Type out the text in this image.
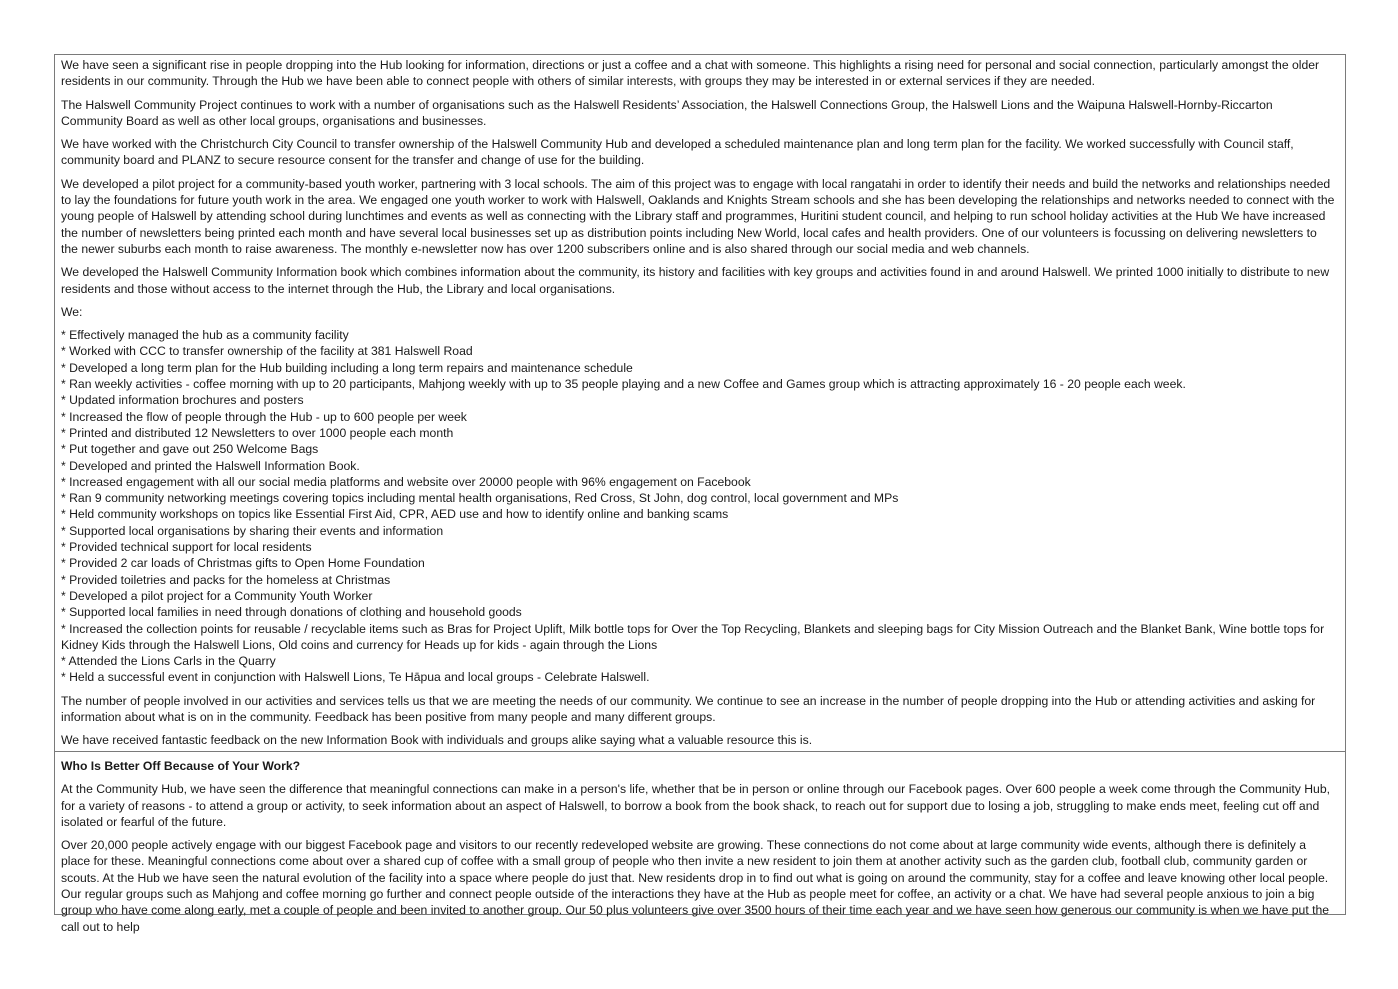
We have seen a significant rise in people dropping into the Hub looking for information, directions or just a coffee and a chat with someone. This highlights a rising need for personal and social connection, particularly amongst the older residents in our community. Through the Hub we have been able to connect people with others of similar interests, with groups they may be interested in or external services if they are needed.

The Halswell Community Project continues to work with a number of organisations such as the Halswell Residents’ Association, the Halswell Connections Group, the Halswell Lions and the Waipuna Halswell-Hornby-Riccarton Community Board as well as other local groups, organisations and businesses.

We have worked with the Christchurch City Council to transfer ownership of the Halswell Community Hub and developed a scheduled maintenance plan and long term plan for the facility. We worked successfully with Council staff, community board and PLANZ to secure resource consent for the transfer and change of use for the building.

We developed a pilot project for a community-based youth worker, partnering with 3 local schools. The aim of this project was to engage with local rangatahi in order to identify their needs and build the networks and relationships needed to lay the foundations for future youth work in the area. We engaged one youth worker to work with Halswell, Oaklands and Knights Stream schools and she has been developing the relationships and networks needed to connect with the young people of Halswell by attending school during lunchtimes and events as well as connecting with the Library staff and programmes, Huritini student council, and helping to run school holiday activities at the Hub We have increased the number of newsletters being printed each month and have several local businesses set up as distribution points including New World, local cafes and health providers. One of our volunteers is focussing on delivering newsletters to the newer suburbs each month to raise awareness. The monthly e-newsletter now has over 1200 subscribers online and is also shared through our social media and web channels.

We developed the Halswell Community Information book which combines information about the community, its history and facilities with key groups and activities found in and around Halswell. We printed 1000 initially to distribute to new residents and those without access to the internet through the Hub, the Library and local organisations.

We:

* Effectively managed the hub as a community facility
* Worked with CCC to transfer ownership of the facility at 381 Halswell Road
* Developed a long term plan for the Hub building including a long term repairs and maintenance schedule
* Ran weekly activities - coffee morning with up to 20 participants, Mahjong weekly with up to 35 people playing and a new Coffee and Games group which is attracting approximately 16 - 20 people each week.
* Updated information brochures and posters
* Increased the flow of people through the Hub - up to 600 people per week
* Printed and distributed 12 Newsletters to over 1000 people each month
* Put together and gave out 250 Welcome Bags
* Developed and printed the Halswell Information Book.
* Increased engagement with all our social media platforms and website over 20000 people with 96% engagement on Facebook
* Ran 9 community networking meetings covering topics including mental health organisations, Red Cross, St John, dog control, local government and MPs
* Held community workshops on topics like Essential First Aid, CPR, AED use and how to identify online and banking scams
* Supported local organisations by sharing their events and information
* Provided technical support for local residents
* Provided 2 car loads of Christmas gifts to Open Home Foundation
* Provided toiletries and packs for the homeless at Christmas
* Developed a pilot project for a Community Youth Worker
* Supported local families in need through donations of clothing and household goods
* Increased the collection points for reusable / recyclable items such as Bras for Project Uplift, Milk bottle tops for Over the Top Recycling, Blankets and sleeping bags for City Mission Outreach and the Blanket Bank, Wine bottle tops for Kidney Kids through the Halswell Lions, Old coins and currency for Heads up for kids - again through the Lions
* Attended the Lions Carls in the Quarry
* Held a successful event in conjunction with Halswell Lions, Te Hāpua and local groups - Celebrate Halswell.

The number of people involved in our activities and services tells us that we are meeting the needs of our community. We continue to see an increase in the number of people dropping into the Hub or attending activities and asking for information about what is on in the community. Feedback has been positive from many people and many different groups.

We have received fantastic feedback on the new Information Book with individuals and groups alike saying what a valuable resource this is.

Who Is Better Off Because of Your Work?

At the Community Hub, we have seen the difference that meaningful connections can make in a person's life, whether that be in person or online through our Facebook pages. Over 600 people a week come through the Community Hub, for a variety of reasons - to attend a group or activity, to seek information about an aspect of Halswell, to borrow a book from the book shack, to reach out for support due to losing a job, struggling to make ends meet, feeling cut off and isolated or fearful of the future.

Over 20,000 people actively engage with our biggest Facebook page and visitors to our recently redeveloped website are growing. These connections do not come about at large community wide events, although there is definitely a place for these. Meaningful connections come about over a shared cup of coffee with a small group of people who then invite a new resident to join them at another activity such as the garden club, football club, community garden or scouts. At the Hub we have seen the natural evolution of the facility into a space where people do just that. New residents drop in to find out what is going on around the community, stay for a coffee and leave knowing other local people. Our regular groups such as Mahjong and coffee morning go further and connect people outside of the interactions they have at the Hub as people meet for coffee, an activity or a chat. We have had several people anxious to join a big group who have come along early, met a couple of people and been invited to another group. Our 50 plus volunteers give over 3500 hours of their time each year and we have seen how generous our community is when we have put the call out to help
